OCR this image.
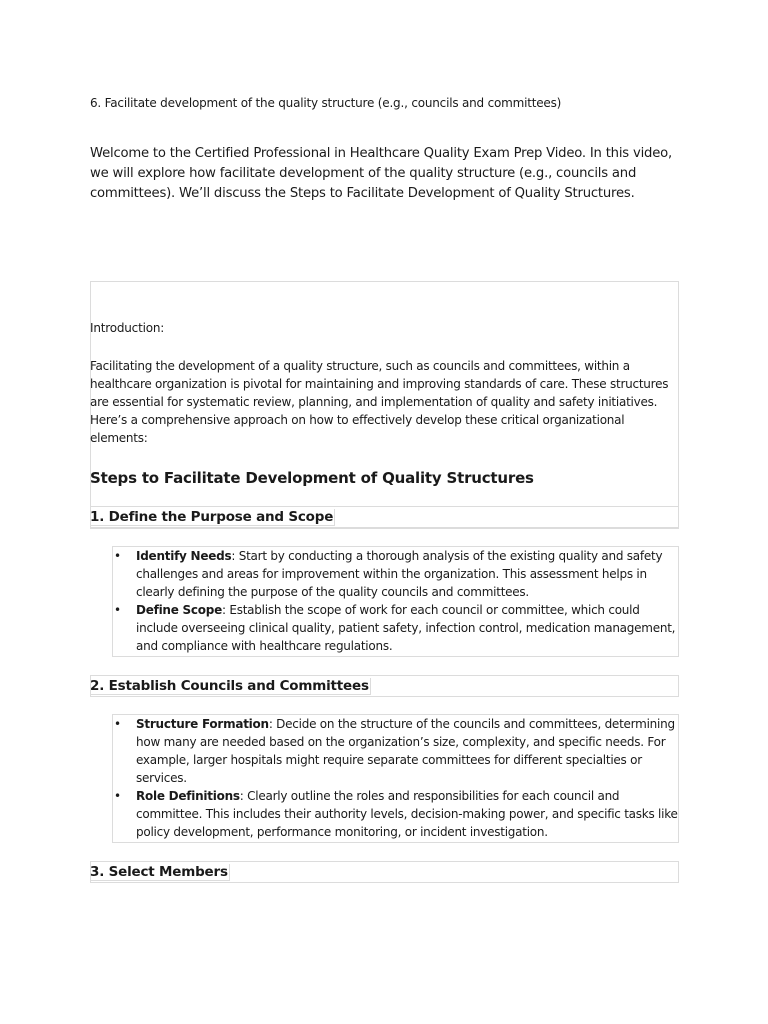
6. Facilitate development of the quality structure (e.g., councils and committees)
Welcome to the Certified Professional in Healthcare Quality Exam Prep Video. In this video, we will explore how facilitate development of the quality structure (e.g., councils and committees). We’ll discuss the Steps to Facilitate Development of Quality Structures.
Introduction:
Facilitating the development of a quality structure, such as councils and committees, within a healthcare organization is pivotal for maintaining and improving standards of care. These structures are essential for systematic review, planning, and implementation of quality and safety initiatives. Here’s a comprehensive approach on how to effectively develop these critical organizational elements:
Steps to Facilitate Development of Quality Structures
1. Define the Purpose and Scope
• Identify Needs: Start by conducting a thorough analysis of the existing quality and safety challenges and areas for improvement within the organization. This assessment helps in clearly defining the purpose of the quality councils and committees.
• Define Scope: Establish the scope of work for each council or committee, which could include overseeing clinical quality, patient safety, infection control, medication management, and compliance with healthcare regulations.
2. Establish Councils and Committees
• Structure Formation: Decide on the structure of the councils and committees, determining how many are needed based on the organization’s size, complexity, and specific needs. For example, larger hospitals might require separate committees for different specialties or services.
• Role Definitions: Clearly outline the roles and responsibilities for each council and committee. This includes their authority levels, decision-making power, and specific tasks like policy development, performance monitoring, or incident investigation.
3. Select Members
